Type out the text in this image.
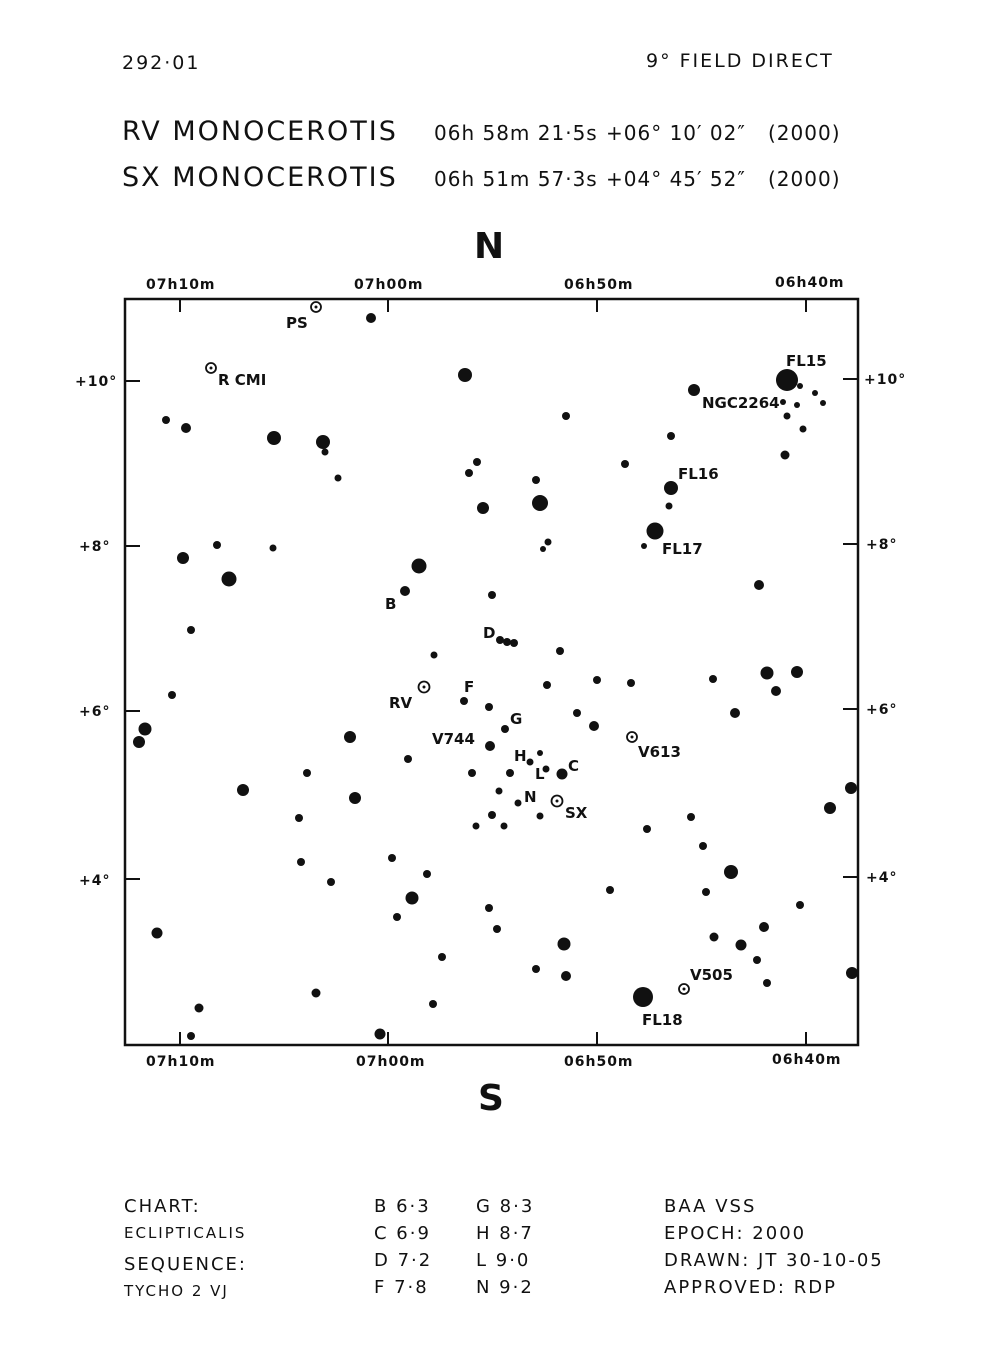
292·01	9° FIELD DIRECT
RV MONOCEROTIS 06h 58m 21·5s +06° 10′ 02″ (2000)
SX MONOCEROTIS 06h 51m 57·3s +04° 45′ 52″ (2000)
N
S
07h10m	07h00m	06h50m	06h40m
07h10m	07h00m	06h50m	06h40m
+10°
+8°
+6°
+4°
+10°
+8°
+6°
+4°
PS
R CMI
FL15
NGC2264
FL16
FL17
B
D
F
RV
G
V744
H
L C
N
SX
V613
V505
FL18
CHART:
ECLIPTICALIS
SEQUENCE:
TYCHO 2 VJ
B 6·3
C 6·9
D 7·2
F 7·8
G 8·3
H 8·7
L 9·0
N 9·2
BAA VSS
EPOCH: 2000
DRAWN: JT 30-10-05
APPROVED: RDP
